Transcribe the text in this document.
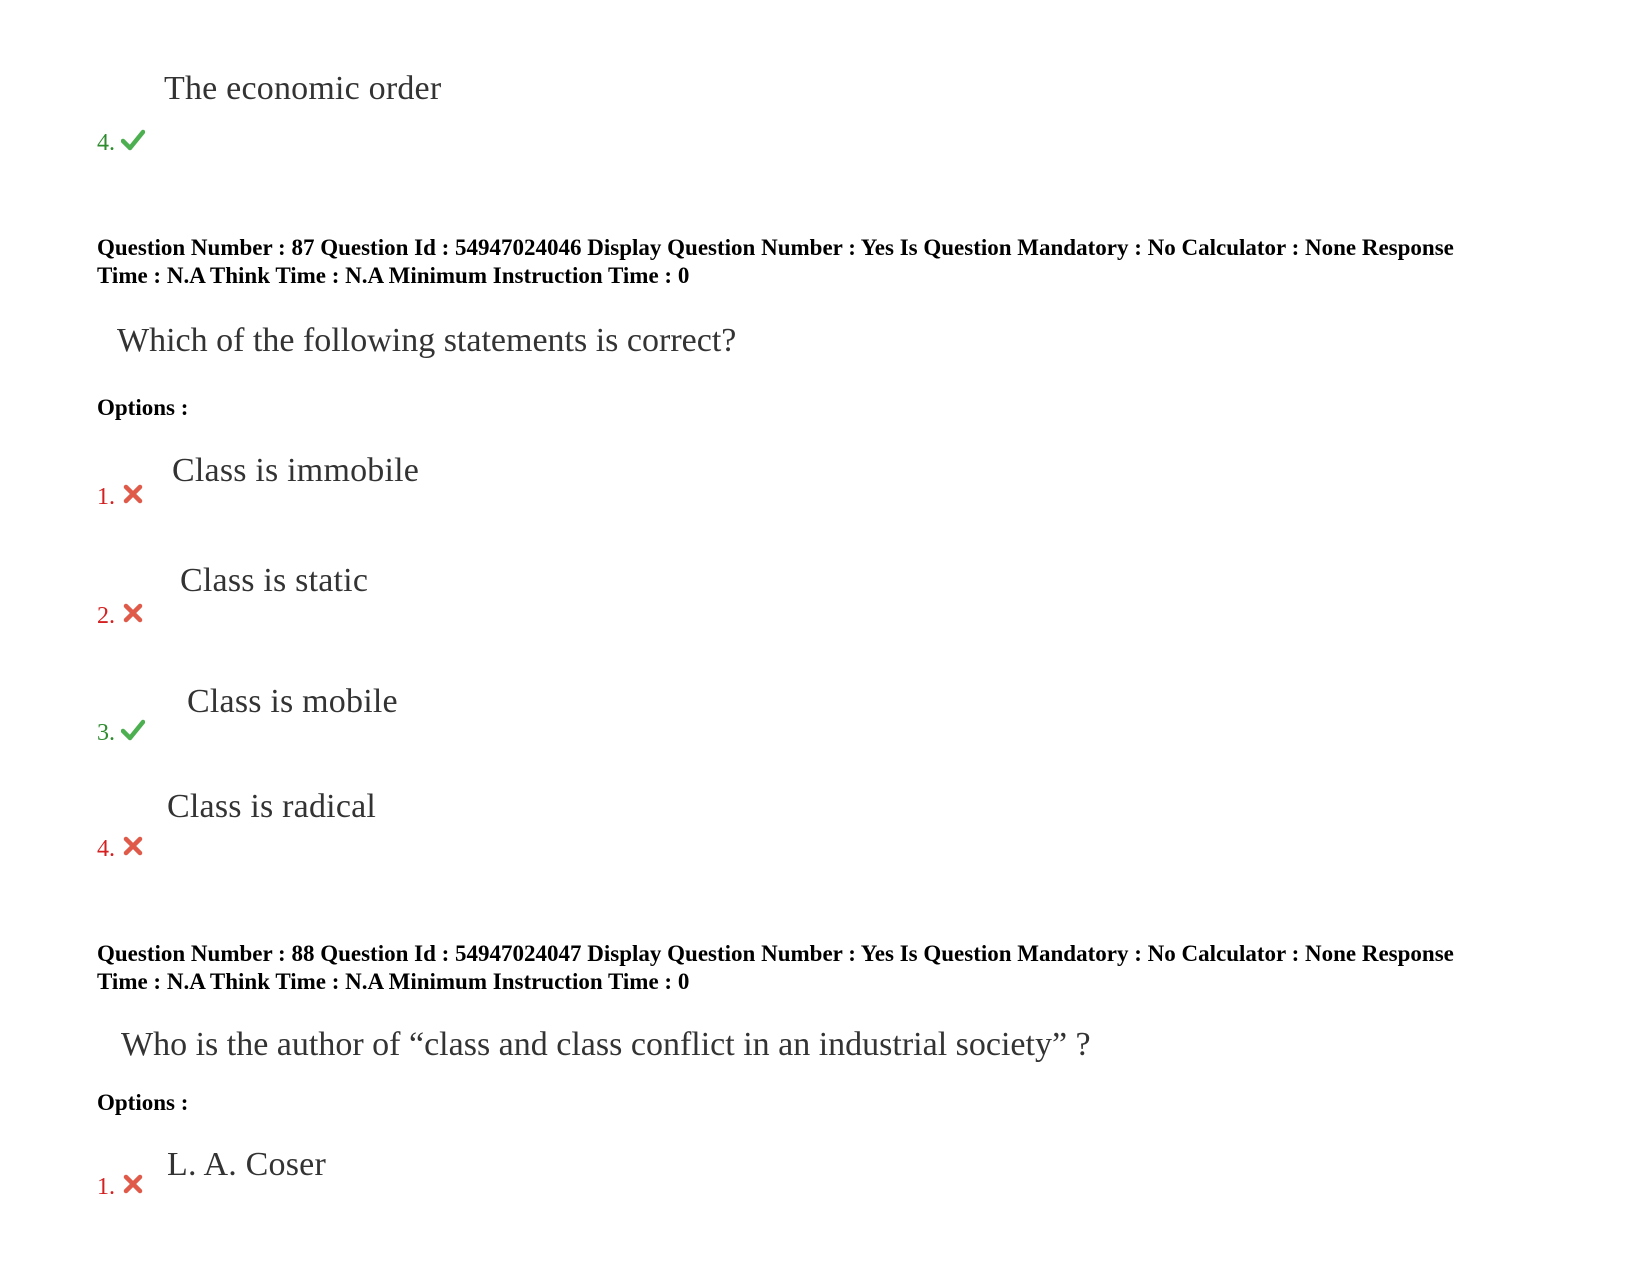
The economic order
4.
Question Number : 87 Question Id : 54947024046 Display Question Number : Yes Is Question Mandatory : No Calculator : None Response
Time : N.A Think Time : N.A Minimum Instruction Time : 0
Which of the following statements is correct?
Options :
Class is immobile
1.
Class is static
2.
Class is mobile
3.
Class is radical
4.
Question Number : 88 Question Id : 54947024047 Display Question Number : Yes Is Question Mandatory : No Calculator : None Response
Time : N.A Think Time : N.A Minimum Instruction Time : 0
Who is the author of “class and class conflict in an industrial society” ?
Options :
L. A. Coser
1.
